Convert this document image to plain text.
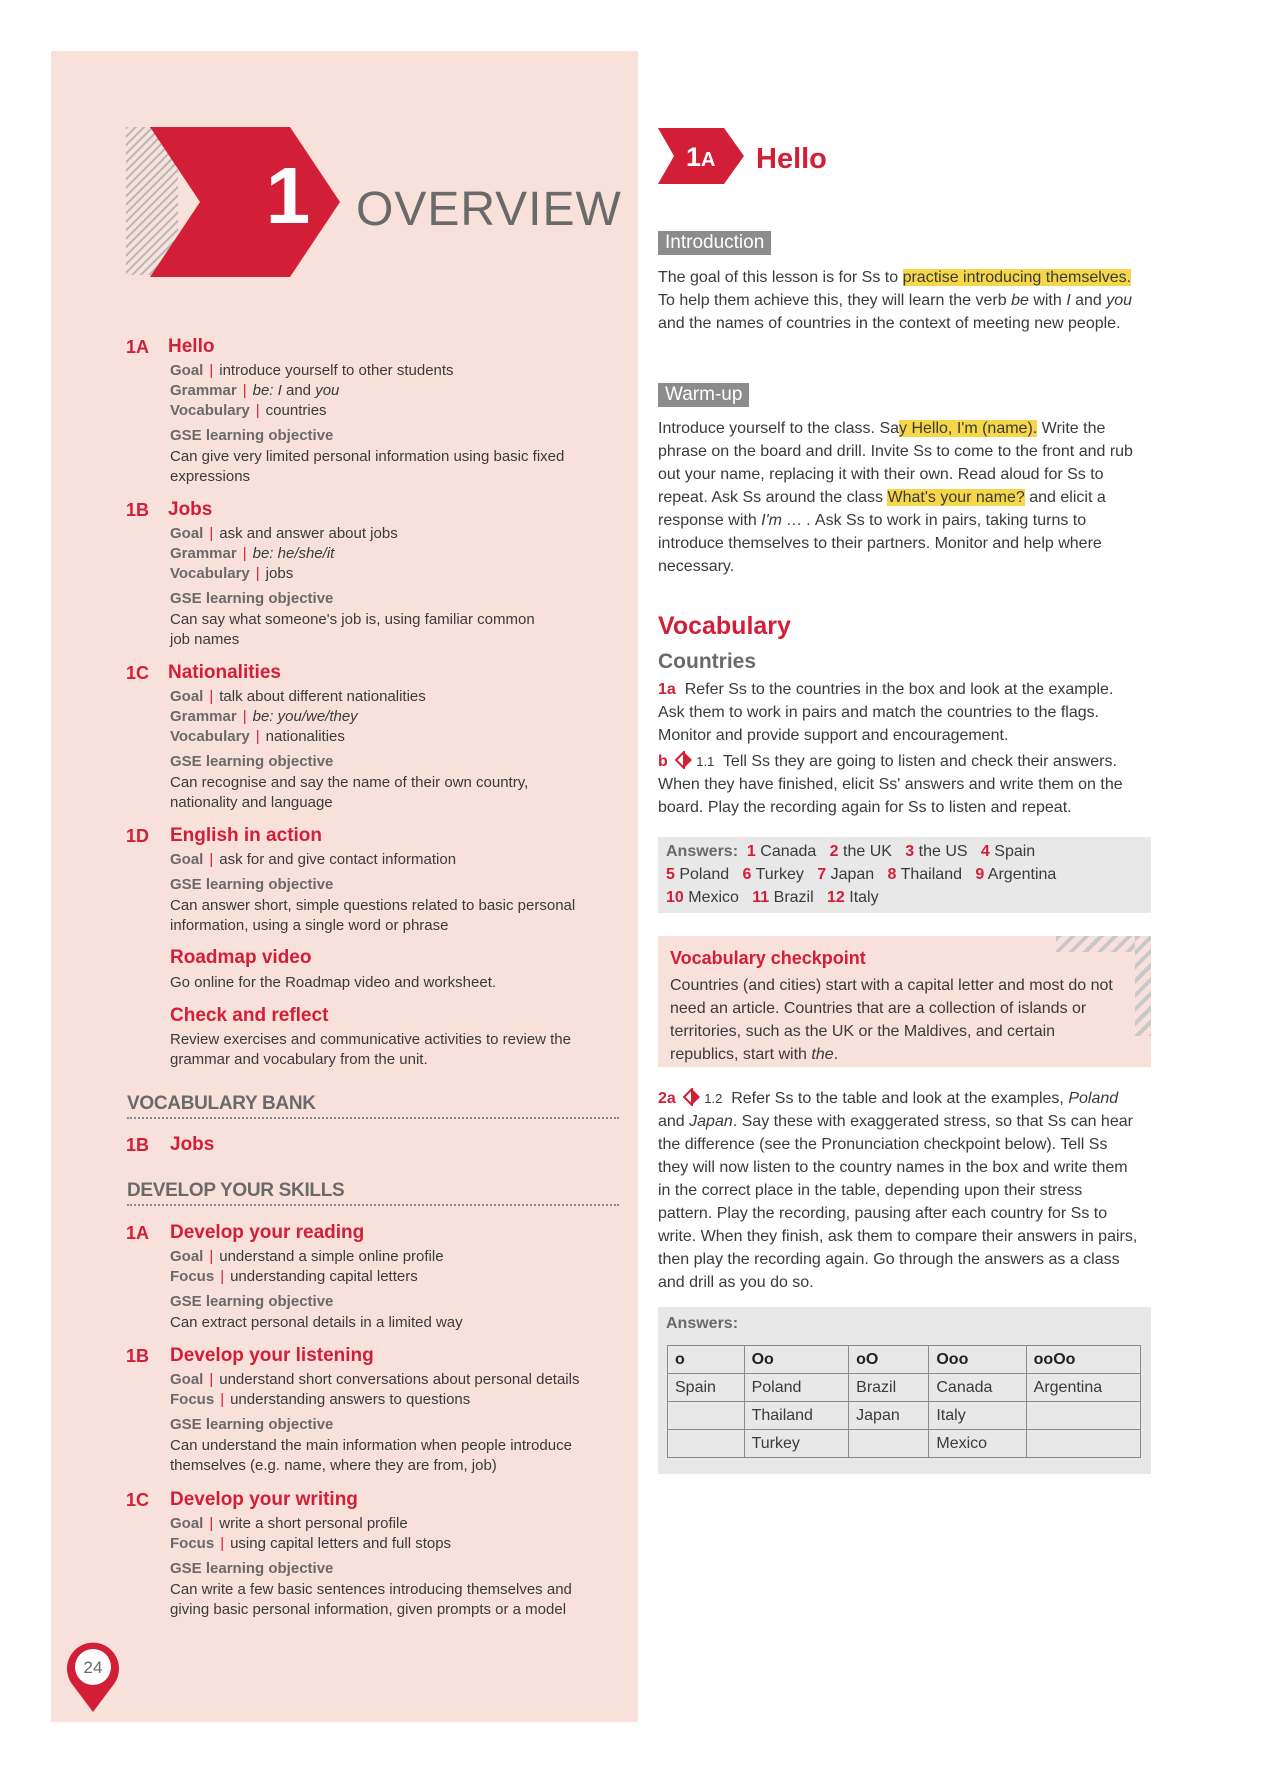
1 OVERVIEW
1A Hello
Goal | introduce yourself to other students
Grammar | be: I and you
Vocabulary | countries
GSE learning objective
Can give very limited personal information using basic fixed expressions
1B Jobs
Goal | ask and answer about jobs
Grammar | be: he/she/it
Vocabulary | jobs
GSE learning objective
Can say what someone's job is, using familiar common job names
1C Nationalities
Goal | talk about different nationalities
Grammar | be: you/we/they
Vocabulary | nationalities
GSE learning objective
Can recognise and say the name of their own country, nationality and language
1D English in action
Goal | ask for and give contact information
GSE learning objective
Can answer short, simple questions related to basic personal information, using a single word or phrase
Roadmap video
Go online for the Roadmap video and worksheet.
Check and reflect
Review exercises and communicative activities to review the grammar and vocabulary from the unit.
VOCABULARY BANK
1B Jobs
DEVELOP YOUR SKILLS
1A Develop your reading
Goal | understand a simple online profile
Focus | understanding capital letters
GSE learning objective
Can extract personal details in a limited way
1B Develop your listening
Goal | understand short conversations about personal details
Focus | understanding answers to questions
GSE learning objective
Can understand the main information when people introduce themselves (e.g. name, where they are from, job)
1C Develop your writing
Goal | write a short personal profile
Focus | using capital letters and full stops
GSE learning objective
Can write a few basic sentences introducing themselves and giving basic personal information, given prompts or a model
24
1A Hello
Introduction
The goal of this lesson is for Ss to practise introducing themselves. To help them achieve this, they will learn the verb be with I and you and the names of countries in the context of meeting new people.
Warm-up
Introduce yourself to the class. Say Hello, I'm (name). Write the phrase on the board and drill. Invite Ss to come to the front and rub out your name, replacing it with their own. Read aloud for Ss to repeat. Ask Ss around the class What's your name? and elicit a response with I'm … . Ask Ss to work in pairs, taking turns to introduce themselves to their partners. Monitor and help where necessary.
Vocabulary
Countries
1a Refer Ss to the countries in the box and look at the example. Ask them to work in pairs and match the countries to the flags. Monitor and provide support and encouragement.
b 1.1 Tell Ss they are going to listen and check their answers. When they have finished, elicit Ss' answers and write them on the board. Play the recording again for Ss to listen and repeat.
Answers: 1 Canada 2 the UK 3 the US 4 Spain
5 Poland 6 Turkey 7 Japan 8 Thailand 9 Argentina
10 Mexico 11 Brazil 12 Italy
Vocabulary checkpoint
Countries (and cities) start with a capital letter and most do not need an article. Countries that are a collection of islands or territories, such as the UK or the Maldives, and certain republics, start with the.
2a 1.2 Refer Ss to the table and look at the examples, Poland and Japan. Say these with exaggerated stress, so that Ss can hear the difference (see the Pronunciation checkpoint below). Tell Ss they will now listen to the country names in the box and write them in the correct place in the table, depending upon their stress pattern. Play the recording, pausing after each country for Ss to write. When they finish, ask them to compare their answers in pairs, then play the recording again. Go through the answers as a class and drill as you do so.
Answers:
o	Oo	oO	Ooo	ooOo
Spain	Poland	Brazil	Canada	Argentina
	Thailand	Japan	Italy	
	Turkey		Mexico	
